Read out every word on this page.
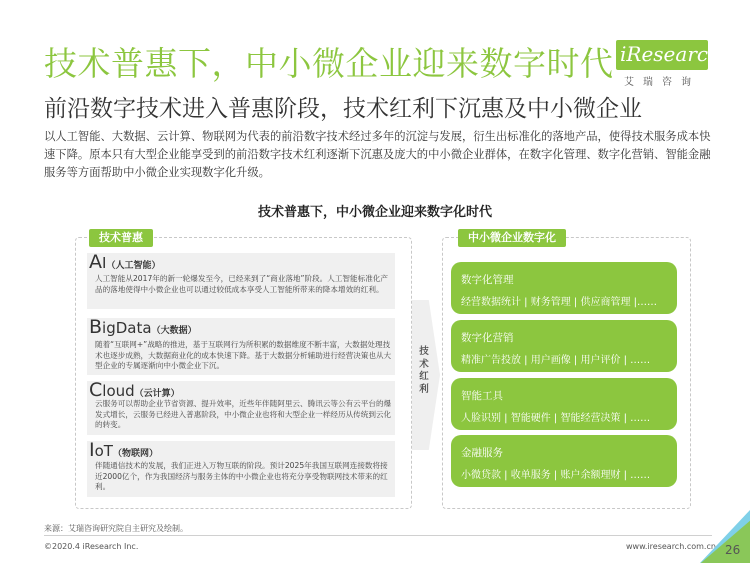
技术普惠下，中小微企业迎来数字时代 iResearch
艾瑞咨询
前沿数字技术进入普惠阶段，技术红利下沉惠及中小微企业
以人工智能、大数据、云计算、物联网为代表的前沿数字技术经过多年的沉淀与发展，衍生出标准化的落地产品，使得技术服务成本快速下降。原本只有大型企业能享受到的前沿数字技术红利逐渐下沉惠及庞大的中小微企业群体，在数字化管理、数字化营销、智能金融服务等方面帮助中小微企业实现数字化升级。
技术普惠下，中小微企业迎来数字化时代
技术普惠	中小微企业数字化
AI（人工智能）
人工智能从2017年的新一轮爆发至今，已经来到了“商业落地”阶段。人工智能标准化产品的落地使得中小微企业也可以通过较低成本享受人工智能所带来的降本增效的红利。
BigData（大数据）
随着“互联网+”战略的推进，基于互联网行为所积累的数据维度不断丰富，大数据处理技术也逐步成熟，大数据商业化的成本快速下降。基于大数据分析辅助进行经营决策也从大型企业的专属逐渐向中小微企业下沉。
Cloud（云计算）
云服务可以帮助企业节省资源、提升效率，近些年伴随阿里云、腾讯云等公有云平台的爆发式增长，云服务已经进入普惠阶段，中小微企业也将和大型企业一样经历从传统到云化的转变。
IoT（物联网）
伴随通信技术的发展，我们正进入万物互联的阶段。预计2025年我国互联网连接数将接近2000亿个，作为我国经济与服务主体的中小微企业也将充分享受物联网技术带来的红利。
技术红利
数字化管理
经营数据统计 | 财务管理 | 供应商管理 |……
数字化营销
精准广告投放 | 用户画像 | 用户评价 | ……
智能工具
人脸识别 | 智能硬件 | 智能经营决策 | ……
金融服务
小微贷款 | 收单服务 | 账户余额理财 | ……
来源：艾瑞咨询研究院自主研究及绘制。
©2020.4 iResearch Inc.	www.iresearch.com.cn 26
